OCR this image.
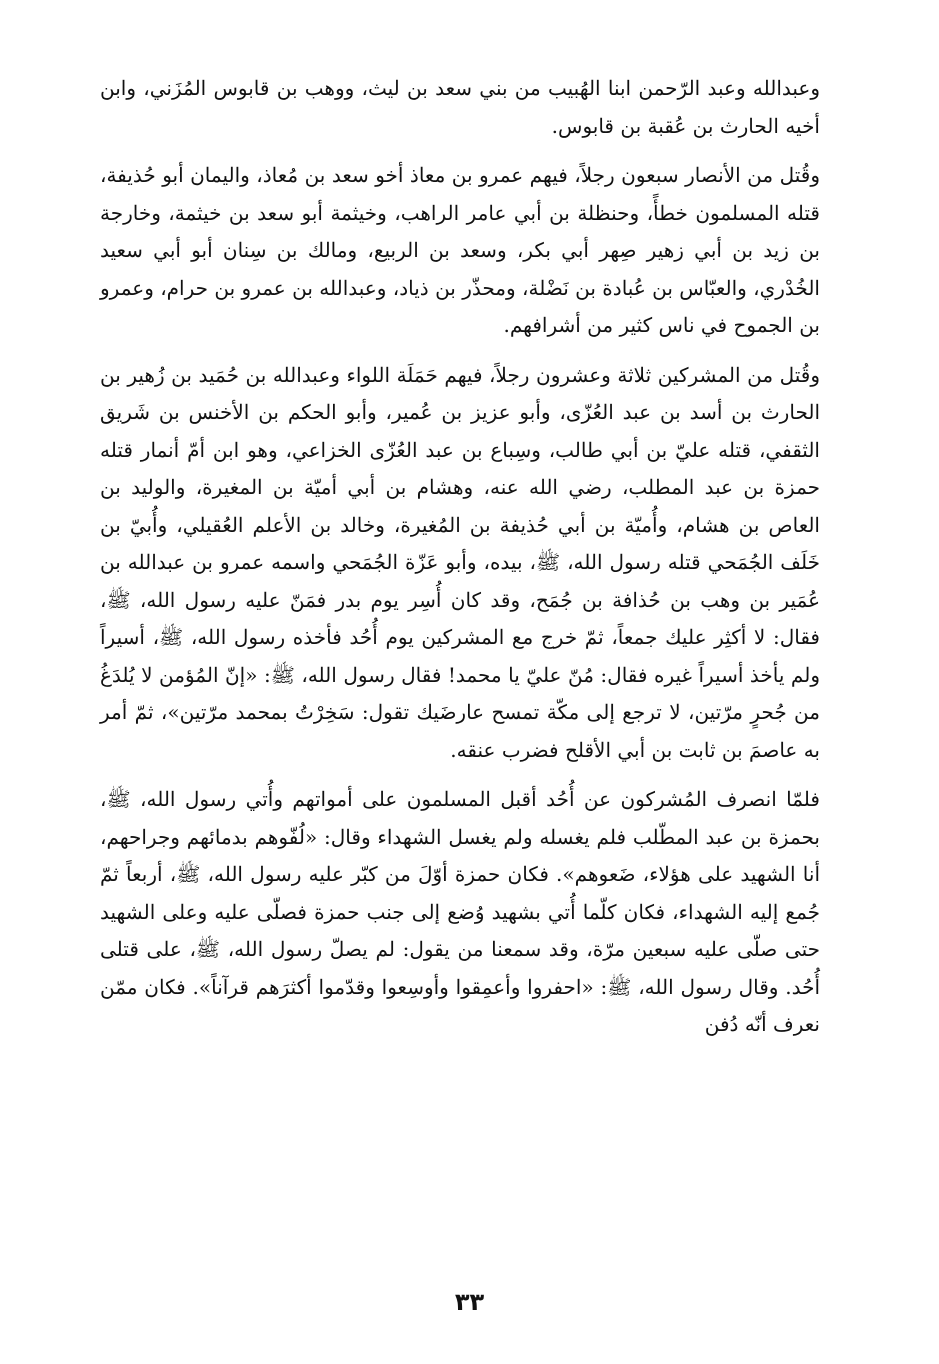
وعبدالله وعبد الرّحمن ابنا الهُبيب من بني سعد بن ليث، ووهب بن قابوس المُزَني، وابن أخيه الحارث بن عُقبة بن قابوس.

وقُتل من الأنصار سبعون رجلاً، فيهم عمرو بن معاذ أخو سعد بن مُعاذ، واليمان أبو حُذيفة، قتله المسلمون خطأً، وحنظلة بن أبي عامر الراهب، وخيثمة أبو سعد بن خيثمة، وخارجة بن زيد بن أبي زهير صِهر أبي بكر، وسعد بن الربيع، ومالك بن سِنان أبو أبي سعيد الخُدْري، والعبّاس بن عُبادة بن نَضْلة، ومحذّر بن ذياد، وعبدالله بن عمرو بن حرام، وعمرو بن الجموح في ناس كثير من أشرافهم.

وقُتل من المشركين ثلاثة وعشرون رجلاً، فيهم حَمَلَة اللواء وعبدالله بن حُمَيد بن زُهير بن الحارث بن أسد بن عبد العُزّى، وأبو عزيز بن عُمير، وأبو الحكم بن الأخنس بن شَريق الثقفي، قتله عليّ بن أبي طالب، وسِباع بن عبد العُزّى الخزاعي، وهو ابن أمّ أنمار قتله حمزة بن عبد المطلب، رضي الله عنه، وهشام بن أبي أميّة بن المغيرة، والوليد بن العاص بن هشام، وأُميّة بن أبي حُذيفة بن المُغيرة، وخالد بن الأعلم العُقيلي، وأُبيّ بن خَلَف الجُمَحي قتله رسول الله، ﷺ، بيده، وأبو عَزّة الجُمَحي واسمه عمرو بن عبدالله بن عُمَير بن وهب بن حُذافة بن جُمَح، وقد كان أُسِر يوم بدر فمَنّ عليه رسول الله، ﷺ، فقال: لا أكثِر عليك جمعاً، ثمّ خرج مع المشركين يوم أُحُد فأخذه رسول الله، ﷺ، أسيراً ولم يأخذ أسيراً غيره فقال: مُنّ عليّ يا محمد! فقال رسول الله، ﷺ: «إنّ المُؤمن لا يُلدَغُ من جُحرٍ مرّتين، لا ترجع إلى مكّة تمسح عارضَيك تقول: سَخِرْتُ بمحمد مرّتين»، ثمّ أمر به عاصمَ بن ثابت بن أبي الأقلح فضرب عنقه.

فلمّا انصرف المُشركون عن أُحُد أقبل المسلمون على أمواتهم وأُتي رسول الله، ﷺ، بحمزة بن عبد المطّلب فلم يغسله ولم يغسل الشهداء وقال: «لُفّوهم بدمائهم وجراحهم، أنا الشهيد على هؤلاء، ضَعوهم». فكان حمزة أوّلَ من كبّر عليه رسول الله، ﷺ، أربعاً ثمّ جُمع إليه الشهداء، فكان كلّما أُتي بشهيد وُضع إلى جنب حمزة فصلّى عليه وعلى الشهيد حتى صلّى عليه سبعين مرّة، وقد سمعنا من يقول: لم يصلّ رسول الله، ﷺ، على قتلى أُحُد. وقال رسول الله، ﷺ: «احفروا وأعمِقوا وأوسِعوا وقدّموا أكثرَهم قرآناً». فكان ممّن نعرف أنّه دُفن

٣٣
